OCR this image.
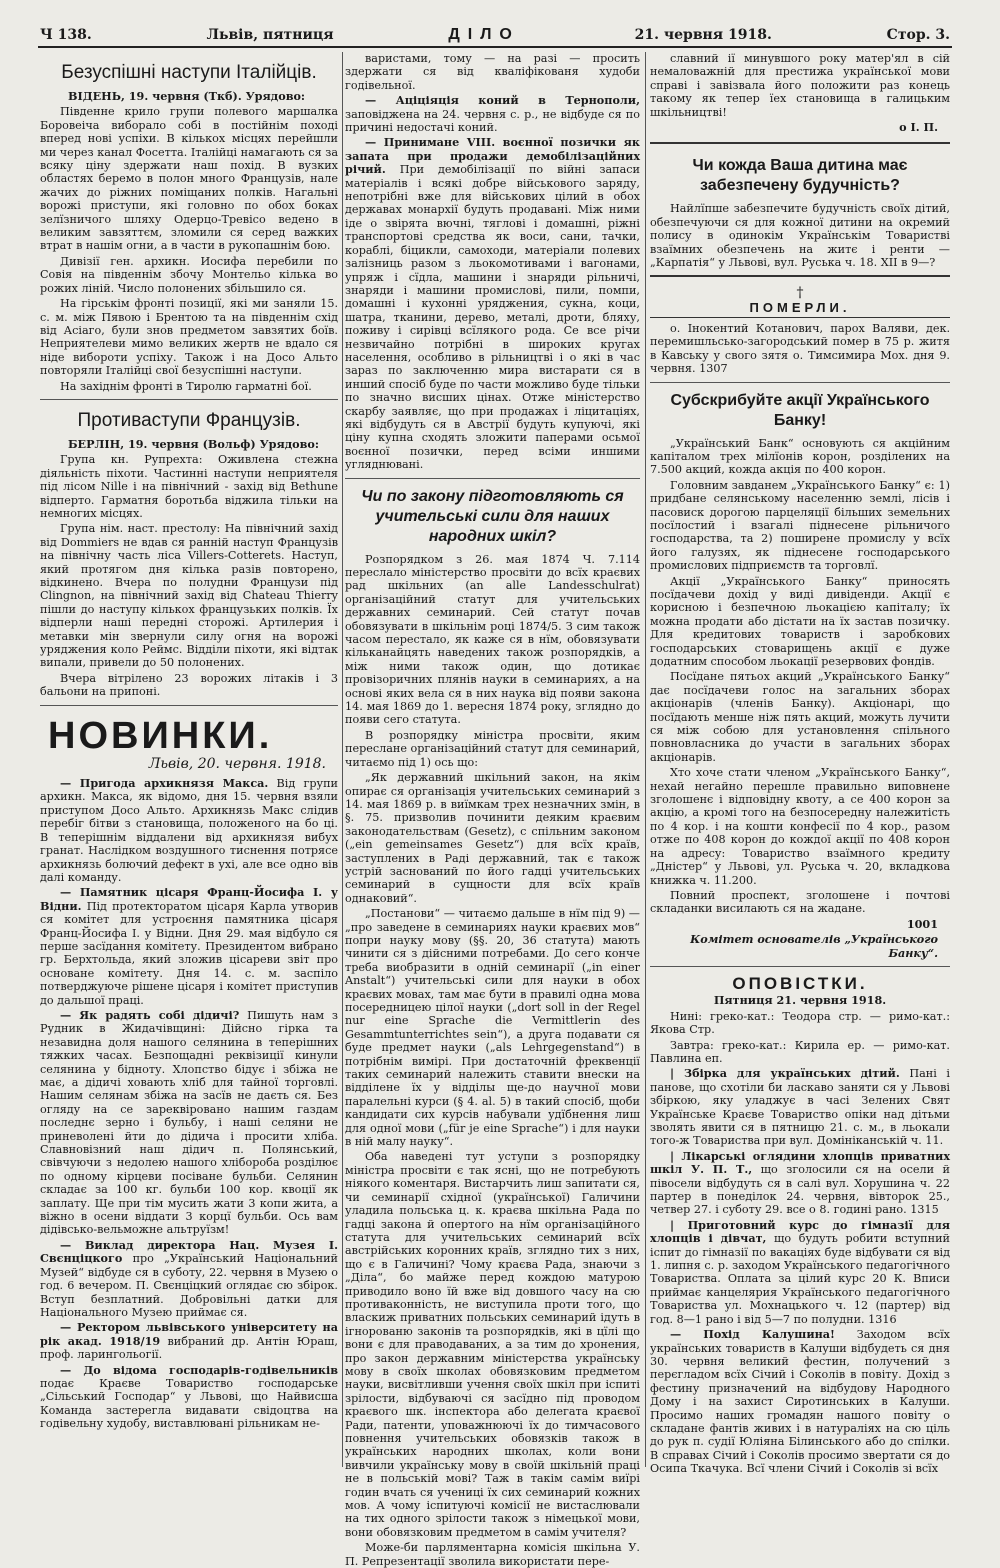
Ч 138.	Львів, пятниця	ДІЛО	21. червня 1918.	Стор. 3.
Безуспішні наступи Італійців.

ВІДЕНЬ, 19. червня (Ткб). Урядово:

Південне крило групи полевого маршалка Боровеіча виборало собі в постійнім поході вперед нові успіхи. В кількох місцях перейшли ми через канал Фосетта. Італійці намагають ся за всяку ціну здержати наш похід. В вузких областях беремо в полон много Французів, нале жачих до ріжних поміщаних полків. Нагальні ворожі приступи, які головно по обох боках зелїзничого шляху Одерцо-Тревісо ведено в великим завзяттєм, зломили ся серед важких втрат в нашім огни, а в части в рукопашнім бою.

Дивізії ген. архикн. Иосифа перебили по Совія на південнім збочу Монтельо кілька во рожих ліній. Число полонених збільшило ся.

На гірськім фронті позиції, які ми заняли 15. с. м. між Пявою і Брентою та на південнім схід від Асіаго, були знов предметом завзятих боїв. Неприятелеви мимо великих жертв не вдало ся ніде вибороти успіху. Також і на Досо Альто повторяли Італійці свої безуспішні наступи.

На західнім фронті в Тиролю гарматні бої.

Противаступи Французів.

БЕРЛІН, 19. червня (Вольф) Урядово:

Група кн. Рупрехта: Оживлена стежна діяльність піхоти. Частинні наступи неприятеля під лісом Nille і на північний - захід від Bethune відперто. Гарматня боротьба віджила тільки на немногих місцях.

Група нім. наст. престолу: На північний захід від Dommiers не вдав ся ранній наступ Французів на північну часть ліса Villers-Cotterets. Наступ, який протягом дня кілька разів повторено, відкинено. Вчера по полудни Французи під Clingnon, на північний захід від Chateau Thierry пішли до наступу кількох французьких полків. Їх відперли наші передні сторожі. Артилерия і метавки мін звернули силу огня на ворожі уряджения коло Реймс. Відділи піхоти, які відтак випали, привели до 50 полонених.

Вчера вітрілено 23 ворожих літаків і 3 бальони на припоні.

НОВИНКИ.
Львів, 20. червня. 1918.

— Пригода архикнязя Макса. Від групи архикн. Макса, як відомо, дня 15. червня взяли приступом Досо Альто. Архикнязь Макс слідив перебіг бітви з становища, положеного на бо ці. В теперішнім віддалени від архикнязя вибух гранат. Наслідком воздушного тиснення потрясе архикнязь болючий дефект в ухі, але все одно вів далі команду.

— Памятник цісаря Франц-Йосифа І. у Відни. Під протекторатом цісаря Карла утворив ся комітет для устроєння памятника цісаря Франц-Йосифа І. у Відни. Дня 29. мая відбуло ся перше засїдання комітету. Президентом вибрано гр. Берхтольда, який зложив цісареви звіт про основане комітету. Дня 14. с. м. заспіло потверджуюче рішене цісаря і комітет приступив до дальшої праці.

— Як радять собі дідичі? Пишуть нам з Рудник в Жидачівщині: Дійсно гірка та незавидна доля нашого селянина в теперішних тяжких часах. Безпощадні реквізиції кинули селянина у бідноту. Хлопство бідує і збіжа не має, а дідичі ховають хліб для тайної торговлі. Нашим селянам збіжа на засїв не даєть ся. Без огляду на се зареквіровано нашим газдам последнє зерно і бульбу, і наші селяни не приневолені йти до дідича і просити хліба. Славновізний наш дідич п. Полянський, свівчуючи з недолею нашого хлібороба розділює по одному кірцеви посіване бульби. Селянин складає за 100 кг. бульби 100 кор. квоції як заплату. Ще при тім мусить жати 3 копи жита, а віжно в осени віддати 3 корцї бульби. Ось вам дідівсько-вельможне альтруїзм!

— Виклад директора Нац. Музея І. Свєнціцкого про „Український Національний Музей“ відбуде ся в суботу, 22. червня в Музею о год. 6 вечером. П. Свєнціцкий оглядає сю збірок. Вступ безплатний. Добровільні датки для Національного Музею приймає ся.

— Ректором львівського університету на рік акад. 1918/19 вибраний др. Антін Юраш, проф. ларингольогії.

— До відома господарів-годівельників подає Краєве Товариство господарське „Сільський Господар“ у Львові, що Найвисша Команда застерегла видавати свідоцтва на годівельну худобу, виставлювані рільникам не-

варистами, тому — на разі — просить здержати ся від кваліфікованя худоби годівельної.

— Аціціяція коний в Тернополи, заповіджена на 24. червня с. р., не відбуде ся по причині недостачі коний.

— Принимане VIII. воєнної позички як запата при продажи демобілізаційних річий. При демобілізації по війні запаси матеріалів і всякі добре військового заряду, непотрібні вже для військових цілий в обох державах монархії будуть продавані. Між ними іде о звірята вючні, тяглові і домашні, ріжні транспортові средства як воси, сани, тачки, кораблі, біцикли, самоходи, матеріали полевих залізниць разом з льокомотивами і вагонами, упряж і сїдла, машини і знаряди рільничі, знаряди і машини промислові, пили, помпи, домашні і кухонні уряджения, сукна, коци, шатра, тканини, дерево, металі, дроти, бляху, поживу і сирівці всїлякого рода. Се все річи незвичайно потрібні в широких кругах населення, особливо в рільництві і о які в час зараз по заключенню мира вистарати ся в инший спосіб буде по части можливо буде тільки по значно висших цінах. Отже міністерство скарбу заявляє, що при продажах і ліцитаціях, які відбудуть ся в Австрії будуть купуючі, які ціну купна сходять зложити паперами осьмої воєнної позички, перед всіми иншими угляднювані.

Чи по закону підготовляють ся учительські сили для наших народних шкіл?

Розпорядком з 26. мая 1874 Ч. 7.114 переслало міністерство просвіти до всїх краєвих рад шкільних (an alle Landesschulrat) організаційний статут для учительських державних семинарий. Сей статут почав обовязувати в шкільнім році 1874/5. З сим також часом перестало, як каже ся в нїм, обовязувати кільканайцять наведених також розпорядків, а між ними також один, що дотикає провізоричних плянів науки в семинариях, а на основі яких вела ся в них наука від появи закона 14. мая 1869 до 1. вересня 1874 року, зглядно до появи сего статута.

В розпорядку міністра просвіти, яким переслане організаційний статут для семинарий, читаємо під 1) ось що:

„Як державний шкільний закон, на якім опирає ся організація учительських семинарий з 14. мая 1869 р. в виїмкам трех незначних змін, в §. 75. призволив починити деяким краєвим законодательствам (Gesetz), с спільним законом („ein gemeinsames Gesetz“) для всїх країв, заступлених в Раді державний, так є також устрій заснований по його гадці учительських семинарий в сущности для всїх країв однаковий“.

„Постанови“ — читаємо дальше в нїм під 9) — „про заведене в семинариях науки краєвих мов“ попри науку мову (§§. 20, 36 статута) мають чинити ся з дійсними потребами. До сего конче треба виобразити в одній семинарії („in einer Anstalt“) учительські сили для науки в обох краєвих мовах, там має бути в правилі одна мова посередницею цілої науки („dort soll in der Regel nur eine Sprache die Vermittlerin des Gesammtunterrichtes sein“), а друга подавати ся буде предмет науки („als Lehrgegenstand“) в потрібнім вимірі. При достаточній фреквенції таких семинарий належить ставити внески на відділене їх у відділы ще-до научної мови паралельні курси (§ 4. al. 5) в такий спосіб, щоби кандидати сих курсів набували удїбнення лиш для одної мови („für je eine Sprache“) і для науки в ній малу науку“.

Оба наведені тут уступи з розпорядку міністра просвіти є так ясні, що не потребують ніякого коментаря. Вистарчить лиш запитати ся, чи семинарії східної (української) Галичини уладила польська ц. к. краєва шкільна Рада по гадці закона й опертого на нїм організаційного статута для учительських семинарий всїх австрійських коронних країв, зглядно тих з них, що є в Галичині? Чому краєва Рада, знаючи з „Діла“, бо майже перед кождою матурою приводило воно їй вже від довшого часу на сю противаконність, не виступила проти того, що власкиж приватних польських семинарий ідуть в ігнорованю законів та розпорядків, які в цїлі що вони є для праводаваних, а за тим до хронения, про закон державним міністерства українську мову в своїх школах обовязковим предметом науки, висвітливши учення своїх шкіл при іспиті зрілости, відбуваючі ся засїдно під проводом краєвого шк. інспектора або делегата краєвої Ради, патенти, уповажнюючі їх до тимчасового повнення учительських обовязків також в українських народних школах, коли вони вивчили українську мову в своїй шкільній праці не в польській мові? Таж в такім самім виїрі годин вчать ся учениці їх сих семинарий кожних мов. А чому іспитуючі комісії не вистаслювали на тих одного зрілости також з німецької мови, вони обовязковим предметом в самім учителя?

Може-би парляментарна комісія шкільна У. П. Репрезентації зволила використати пере-

славний ії минувшого року матер'ял в сій немаловажній для престижа української мови справі і завізвала його положити раз конець такому як тепер їех становища в галицьким шкільництві!

о І. П.

Чи кожда Ваша дитина має забезпечену будучність?

Найлїпше забезпечите будучність своїх дітий, обезпечуючи ся для кожної дитини на окремий полису в одинокім Українськім Товаристві взаїмних обезпечень на житє і ренти — „Карпатія“ у Львові, вул. Руська ч. 18. ХІІ в 9—?

†
ПОМЕРЛИ.

о. Інокентий Котанович, парох Валяви, дек. перемишльсько-загородський помер в 75 р. житя в Кавську у свого зятя о. Тимсимира Мох. дня 9. червня. 1307

Субскрибуйте акції Українського Банку!

„Український Банк“ основують ся акційним капіталом трех мілїонів корон, розділених на 7.500 акций, кожда акція по 400 корон.

Головним завданем „Українського Банку“ є: 1) придбане селянському населенню землі, лісів і пасовиск дорогою парцеляції більших земельних посїлостий і взагалі піднесене рільничого господарства, та 2) поширене промислу у всїх його галузях, як пiднесене господарського промислових підприємств та торговлї.

Акції „Українського Банку“ приносять посїдачеви дохід у виді дивіденди. Акції є корисною і безпечною льокацією капіталу; їх можна продати або дістати на їх застав позичку. Для кредитових товариств і заробкових господарських стоварищень акції є дуже додатним способом льокації резервових фондів.

Посїдане пятьох акций „Українського Банку“ дає посїдачеви голос на загальних зборах акціонарів (членів Банку). Акціонарі, що посїдають менше ніж пять акций, можуть лучити ся між собою для установлення спільного повновласника до участи в загальних зборах акціонарів.

Хто хоче стати членом „Українського Банку“, нехай негайно перешле правильно виповнене зголошенє і відповідну квоту, а се 400 корон за акцію, а кромі того на безпосередну належитість по 4 кор. і на кошти конфесії по 4 кор., разом отже по 408 корон до кождої акції по 408 корон на адресу: Товариство взаїмного кредиту „Дністер“ у Львові, ул. Руська ч. 20, вкладкова книжка ч. 11.200.

Повний проспект, зголошене і почтові складанки висилають ся на жадане.

1001

Комітет основателів „Українського Банку“.

ОПОВІСТКИ.

Пятниця 21. червня 1918.

Нині: греко-кат.: Теодора стр. — римо-кат.: Якова Стр.

Завтра: греко-кат.: Кирила ер. — римо-кат. Павлина еп.

| Збірка для українських дітий. Пані і панове, що схотіли би ласкаво заняти ся у Львові збіркою, яку уладжує в часі Зелених Свят Українське Краєве Товариство опіки над дітьми зволять явити ся в пятницю 21. с. м., в льокали того-ж Товариства при вул. Домініканській ч. 11.

| Лікарські оглядини хлопців приватних шкіл У. П. Т., що зголосили ся на осели й півосели відбудуть ся в салі вул. Хорушина ч. 22 партер в понеділок 24. червня, вівторок 25., четвер 27. і суботу 29. все о 8. годині рано. 1315

| Приготовний курс до гімназії для хлопців і дівчат, що будуть робити вступний іспит до гімназії по вакаціях буде відбувати ся від 1. липня с. р. заходом Українського педагогічного Товариства. Оплата за цілий курс 20 К. Вписи приймає канцелярия Українського педагогічного Товариства ул. Мохнацького ч. 12 (партер) від год. 8—1 рано і від 5—7 по полудни. 1316

— Похід Калушина! Заходом всїх українських товариств в Калуши відбудеть ся дня 30. червня великий фестин, получений з перєгладом всїх Січий і Соколів в повіту. Дохід з фестину призначений на відбудову Народного Дому і на захист Сиротинських в Калуши. Просимо наших громадян нашого повіту о складане фантів живих і в натураліях на сю ціль до рук п. судії Юліяна Білинського або до спілки. В справах Січий і Соколів просимо звертати ся до Осипа Ткачука. Всї члени Січий і Соколів зі всїх
